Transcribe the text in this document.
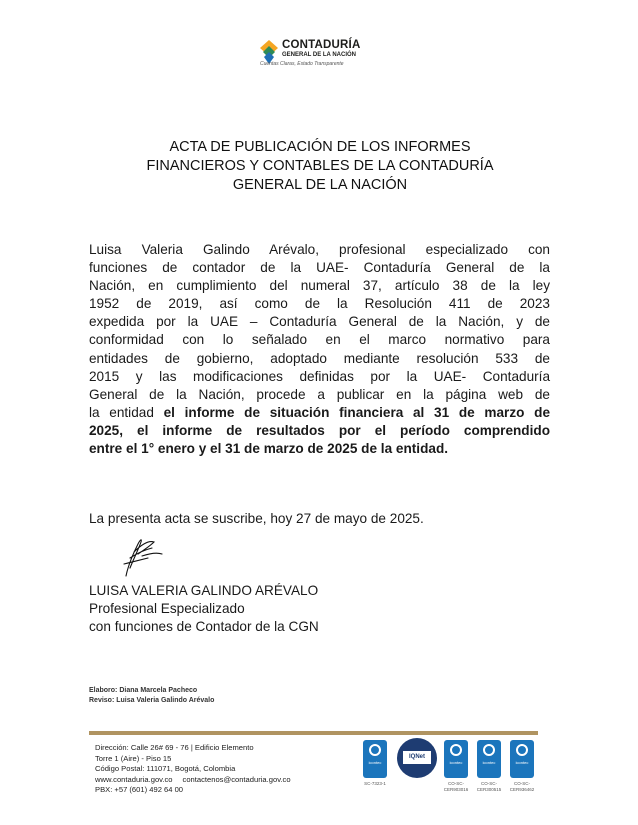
CONTADURÍA
GENERAL DE LA NACIÓN
Cuentas Claras, Estado Transparente
ACTA DE PUBLICACIÓN DE LOS INFORMES
FINANCIEROS Y CONTABLES DE LA CONTADURÍA
GENERAL DE LA NACIÓN
Luisa Valeria Galindo Arévalo, profesional especializado con
funciones de contador de la UAE- Contaduría General de la
Nación, en cumplimiento del numeral 37, artículo 38 de la ley
1952 de 2019, así como de la Resolución 411 de 2023
expedida por la UAE – Contaduría General de la Nación, y de
conformidad con lo señalado en el marco normativo para
entidades de gobierno, adoptado mediante resolución 533 de
2015 y las modificaciones definidas por la UAE- Contaduría
General de la Nación, procede a publicar en la página web de
la entidad el informe de situación financiera al 31 de marzo de
2025, el informe de resultados por el período comprendido
entre el 1° enero y el 31 de marzo de 2025 de la entidad.
La presenta acta se suscribe, hoy 27 de mayo de 2025.
LUISA VALERIA GALINDO ARÉVALO
Profesional Especializado
con funciones de Contador de la CGN
Elaboro: Diana Marcela Pacheco
Reviso: Luisa Valeria Galindo Arévalo
Dirección: Calle 26# 69 - 76 | Edificio Elemento
Torre 1 (Aire) - Piso 15
Código Postal: 111071, Bogotá, Colombia
www.contaduria.gov.co contactenos@contaduria.gov.co
PBX: +57 (601) 492 64 00
icontec
SC-7323-1
IQNet
icontec
CO-SC-CER903016
icontec
CO-SC-CER300515
icontec
CO-SC-CER936462
